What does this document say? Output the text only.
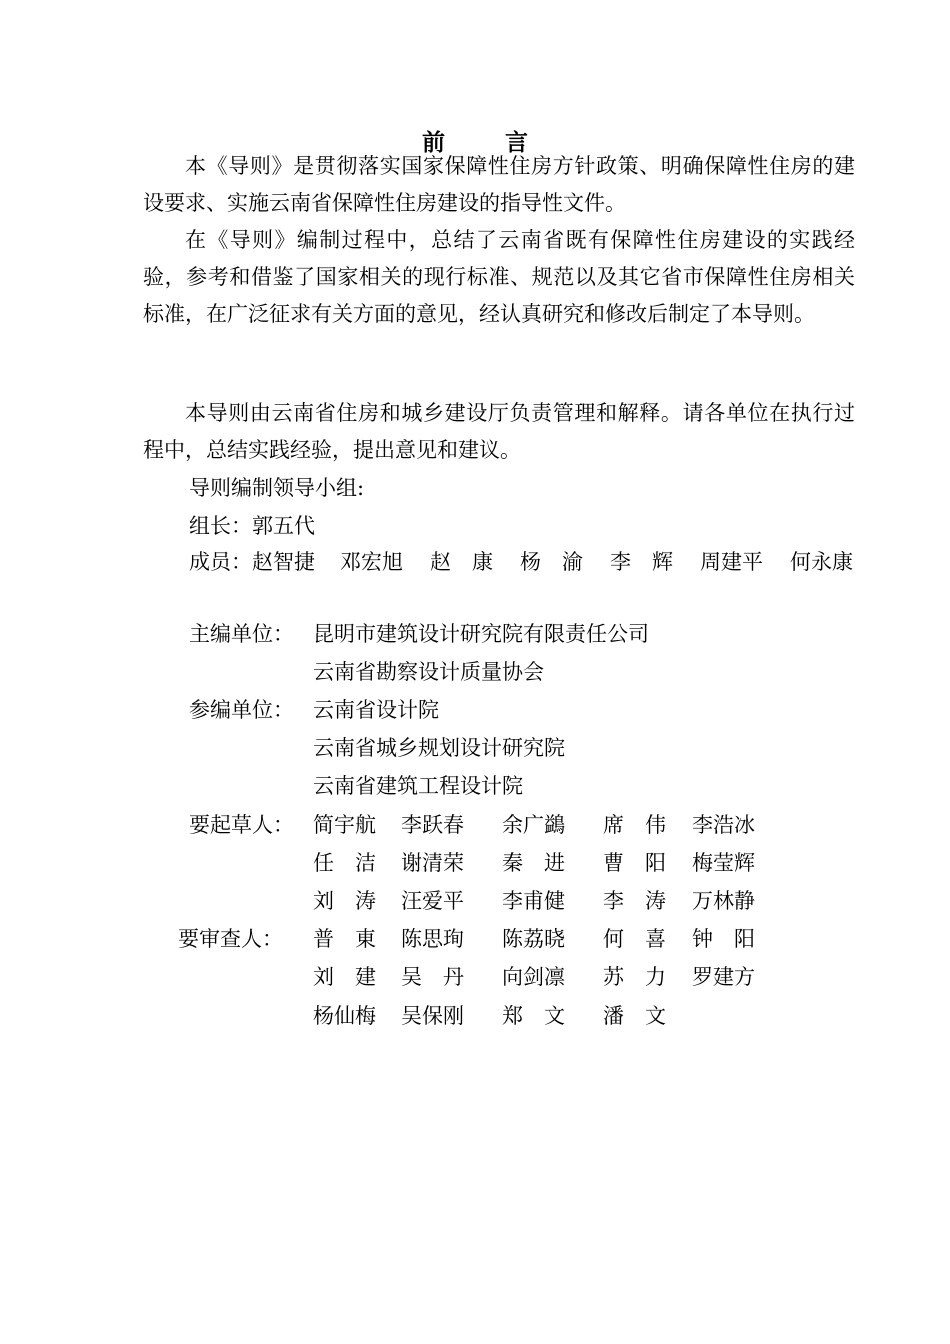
前 言

本《导则》是贯彻落实国家保障性住房方针政策、明确保障性住房的建设要求、实施云南省保障性住房建设的指导性文件。

在《导则》编制过程中，总结了云南省既有保障性住房建设的实践经验，参考和借鉴了国家相关的现行标准、规范以及其它省市保障性住房相关标准，在广泛征求有关方面的意见，经认真研究和修改后制定了本导则。

本导则由云南省住房和城乡建设厅负责管理和解释。请各单位在执行过程中，总结实践经验，提出意见和建议。

导则编制领导小组:
组长：郭五代
成员：赵智捷 邓宏旭 赵　康 杨　渝 李　辉 周建平 何永康
主编单位： 昆明市建筑设计研究院有限责任公司
云南省勘察设计质量协会
参编单位： 云南省设计院
云南省城乡规划设计研究院
云南省建筑工程设计院
要起草人： 简宇航 李跃春 余广鷁 席　伟 李浩冰
任　洁 谢清荣 秦　进 曹　阳 梅莹辉
刘　涛 汪爱平 李甫健 李　涛 万林静
要审查人： 普　東 陈思珣 陈荔晓 何　喜 钟　阳
刘　建 吴　丹 向剑凛 苏　力 罗建方
杨仙梅 吴保刚 郑　文 潘　文
